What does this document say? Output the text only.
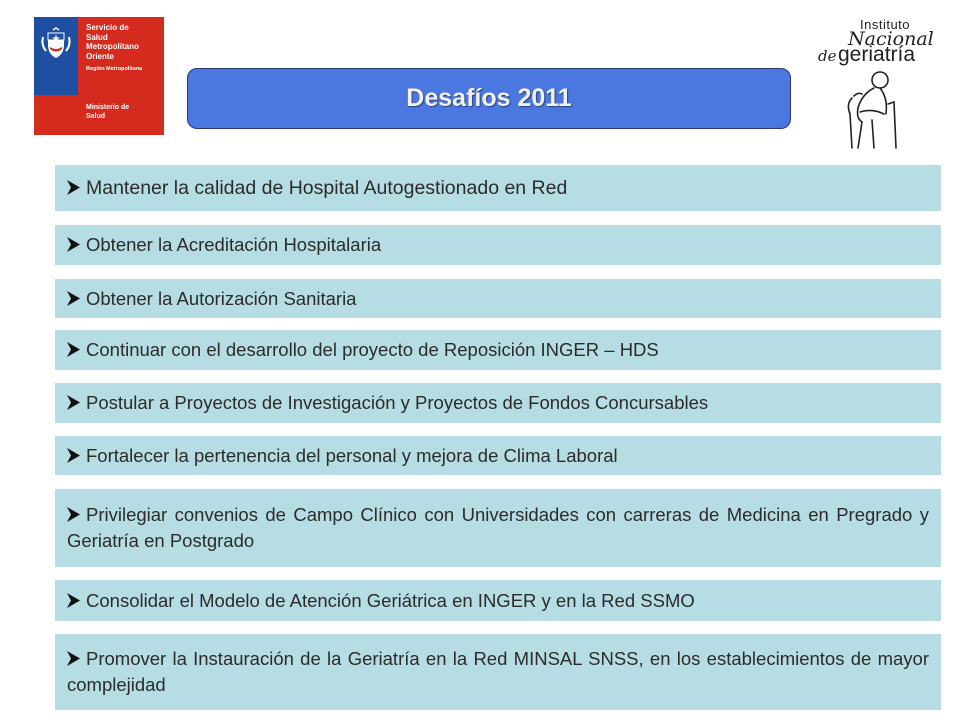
Servicio de
Salud
Metropolitano
Oriente
Región Metropolitana
Ministerio de
Salud
Desafíos 2011
Instituto
Nacional
de geriatría
Mantener la calidad de Hospital Autogestionado en Red
Obtener la Acreditación Hospitalaria
Obtener la Autorización Sanitaria
Continuar con el desarrollo del proyecto de Reposición INGER – HDS
Postular a Proyectos de Investigación y Proyectos de Fondos Concursables
Fortalecer la pertenencia del personal y mejora de Clima Laboral
Privilegiar convenios de Campo Clínico con Universidades con carreras de Medicina en Pregrado y Geriatría en Postgrado
Consolidar el Modelo de Atención Geriátrica en INGER y en la Red SSMO
Promover la Instauración de la Geriatría en la Red MINSAL SNSS, en los establecimientos de mayor complejidad
